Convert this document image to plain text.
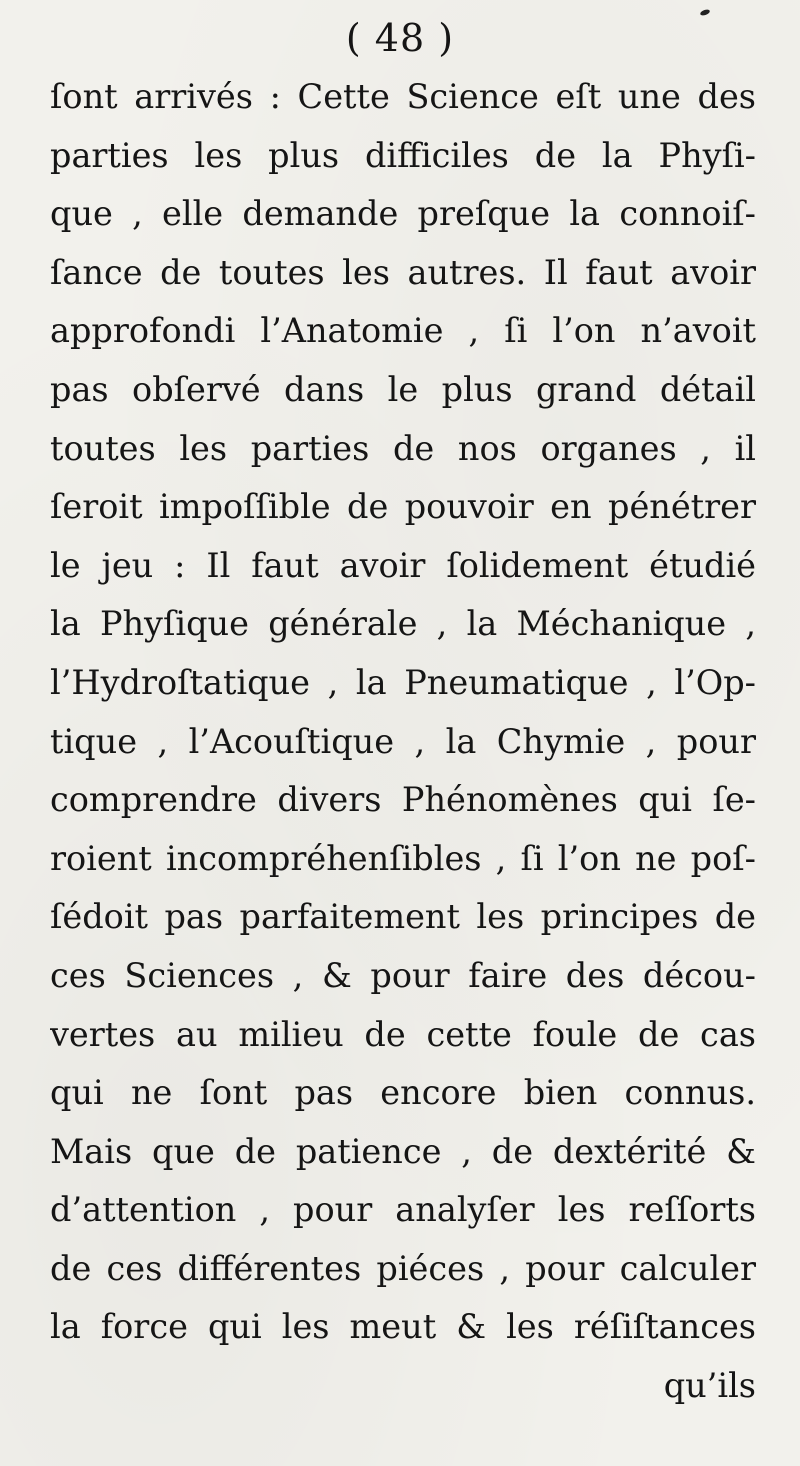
( 48 )
ſont arrivés : Cette Science eſt une des
parties les plus difficiles de la Phyſi-
que , elle demande preſque la connoiſ-
ſance de toutes les autres. Il faut avoir
approfondi l’Anatomie , ſi l’on n’avoit
pas obſervé dans le plus grand détail
toutes les parties de nos organes , il
ſeroit impoſſible de pouvoir en pénétrer
le jeu : Il faut avoir ſolidement étudié
la Phyſique générale , la Méchanique ,
l’Hydroſtatique , la Pneumatique , l’Op-
tique , l’Acouſtique , la Chymie , pour
comprendre divers Phénomènes qui ſe-
roient incompréhenſibles , ſi l’on ne poſ-
ſédoit pas parfaitement les principes de
ces Sciences , & pour faire des décou-
vertes au milieu de cette foule de cas
qui ne ſont pas encore bien connus.
Mais que de patience , de dextérité &
d’attention , pour analyſer les reſſorts
de ces différentes piéces , pour calculer
la force qui les meut & les réſiſtances
qu’ils
